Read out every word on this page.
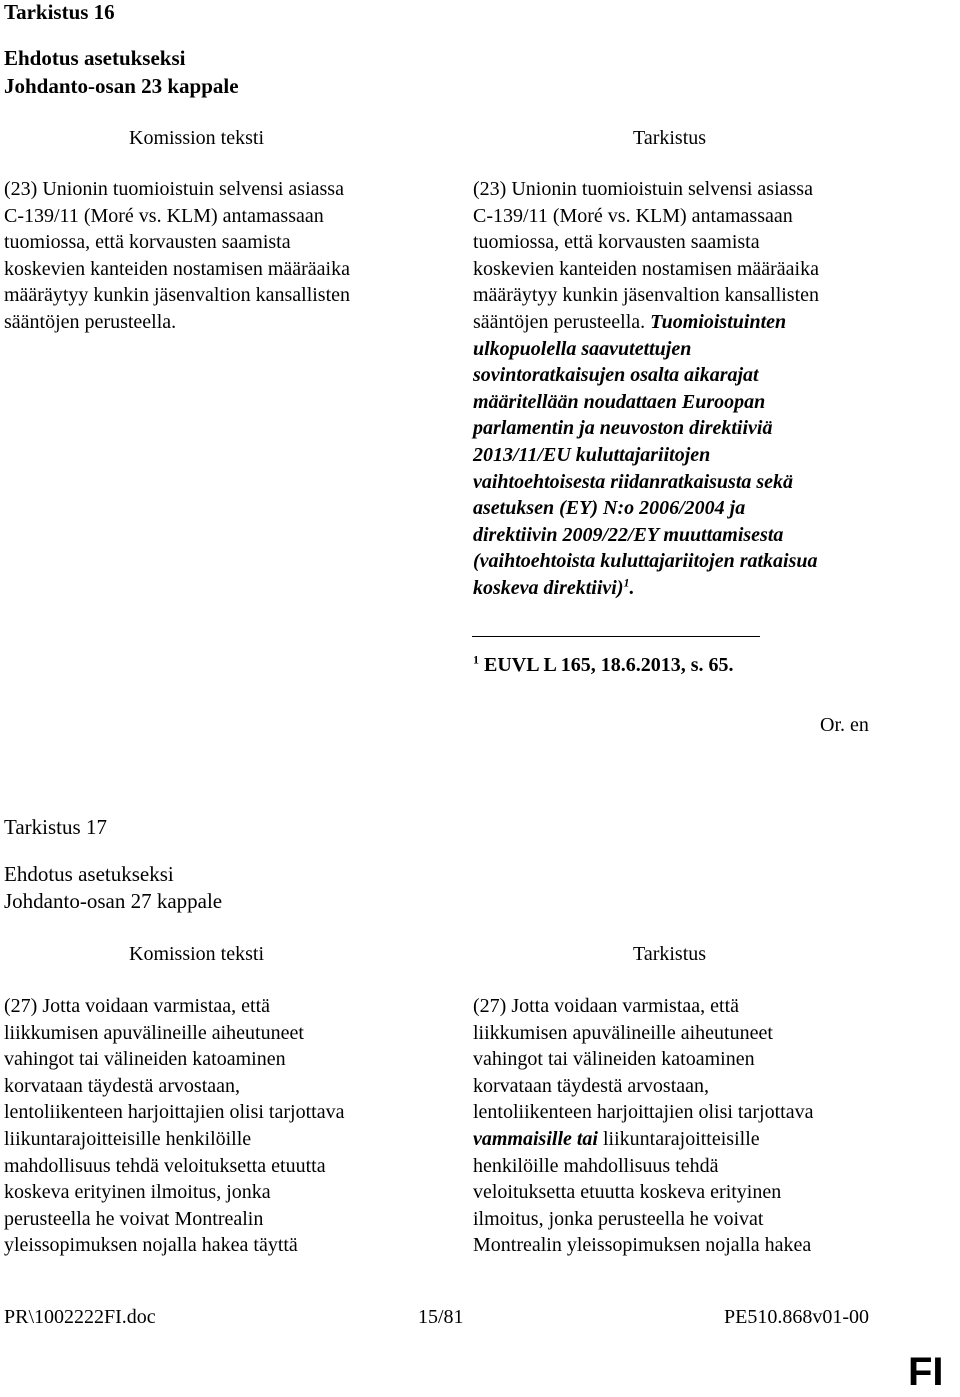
Tarkistus 16
Ehdotus asetukseksi
Johdanto-osan 23 kappale
Komission teksti	Tarkistus
(23) Unionin tuomioistuin selvensi asiassa
C-139/11 (Moré vs. KLM) antamassaan
tuomiossa, että korvausten saamista
koskevien kanteiden nostamisen määräaika
määräytyy kunkin jäsenvaltion kansallisten
sääntöjen perusteella.
(23) Unionin tuomioistuin selvensi asiassa
C-139/11 (Moré vs. KLM) antamassaan
tuomiossa, että korvausten saamista
koskevien kanteiden nostamisen määräaika
määräytyy kunkin jäsenvaltion kansallisten
sääntöjen perusteella. Tuomioistuinten
ulkopuolella saavutettujen
sovintoratkaisujen osalta aikarajat
määritellään noudattaen Euroopan
parlamentin ja neuvoston direktiiviä
2013/11/EU kuluttajariitojen
vaihtoehtoisesta riidanratkaisusta sekä
asetuksen (EY) N:o 2006/2004 ja
direktiivin 2009/22/EY muuttamisesta
(vaihtoehtoista kuluttajariitojen ratkaisua
koskeva direktiivi)$^1$.
$^1$ EUVL L 165, 18.6.2013, s. 65.
Or. en
Tarkistus 17
Ehdotus asetukseksi
Johdanto-osan 27 kappale
Komission teksti	Tarkistus
(27) Jotta voidaan varmistaa, että
liikkumisen apuvälineille aiheutuneet
vahingot tai välineiden katoaminen
korvataan täydestä arvostaan,
lentoliikenteen harjoittajien olisi tarjottava
liikuntarajoitteisille henkilöille
mahdollisuus tehdä veloituksetta etuutta
koskeva erityinen ilmoitus, jonka
perusteella he voivat Montrealin
yleissopimuksen nojalla hakea täyttä
(27) Jotta voidaan varmistaa, että
liikkumisen apuvälineille aiheutuneet
vahingot tai välineiden katoaminen
korvataan täydestä arvostaan,
lentoliikenteen harjoittajien olisi tarjottava
vammaisille tai liikuntarajoitteisille
henkilöille mahdollisuus tehdä
veloituksetta etuutta koskeva erityinen
ilmoitus, jonka perusteella he voivat
Montrealin yleissopimuksen nojalla hakea
PR\1002222FI.doc	15/81	PE510.868v01-00
FI
